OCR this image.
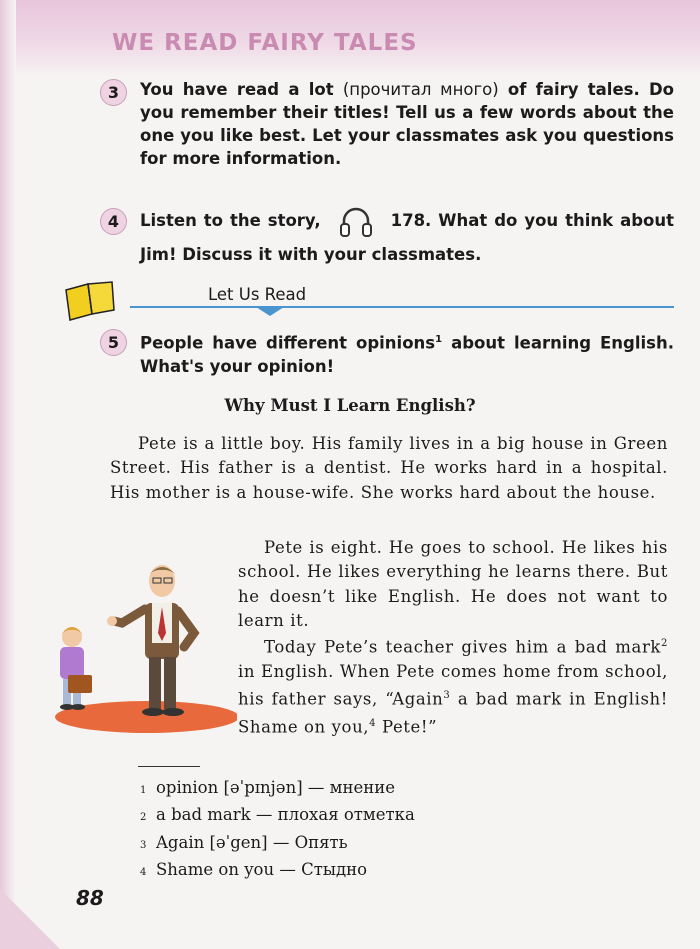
WE READ FAIRY TALES
3	You have read a lot (прочитал много) of fairy tales. Do you remember their titles! Tell us a few words about the one you like best. Let your classmates ask you questions for more information.
4	Listen to the story,	178. What do you think about Jim! Discuss it with your classmates.
Let Us Read
5	People have different opinions$^1$ about learning English. What's your opinion!
Why Must I Learn English?

Pete is a little boy. His family lives in a big house in Green Street. His father is a dentist. He works hard in a hospital. His mother is a house-wife. She works hard about the house.

Pete is eight. He goes to school. He likes his school. He likes everything he learns there. But he doesn’t like English. He does not want to learn it.

Today Pete’s teacher gives him a bad mark$^2$ in English. When Pete comes home from school, his father says, “Again$^3$ a bad mark in English! Shame on you,$^4$ Pete!”

$^1$ opinion [əˈpɪnjən] — мнение
$^2$ a bad mark — плохая отметка
$^3$ Again [əˈgen] — Опять
$^4$ Shame on you — Стыдно
88
